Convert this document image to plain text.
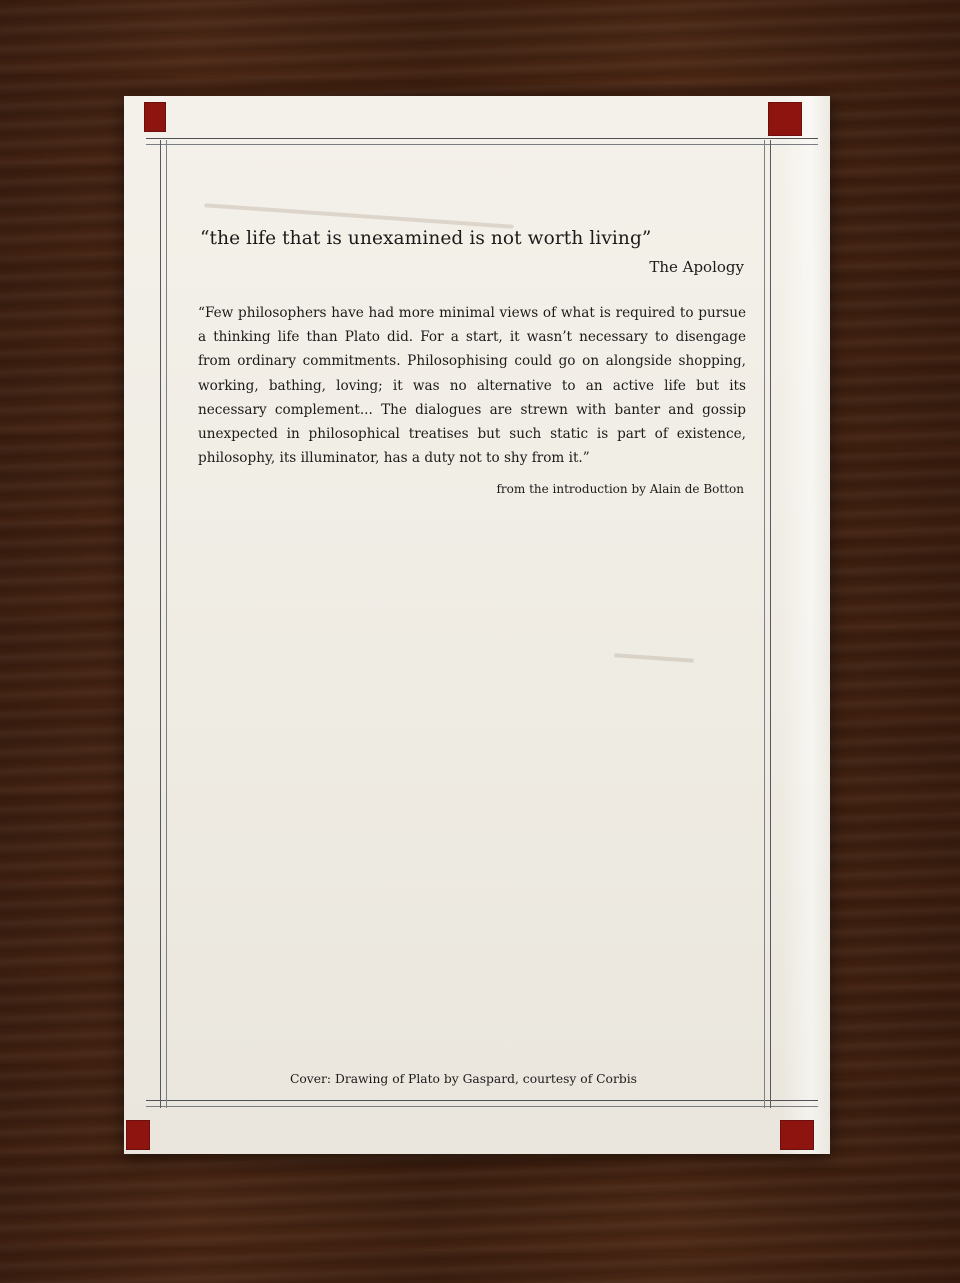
“the life that is unexamined is not worth living”

The Apology

“Few philosophers have had more minimal views of what is required to pursue a thinking life than Plato did. For a start, it wasn’t necessary to disengage from ordinary commitments. Philosophising could go on alongside shopping, working, bathing, loving; it was no alternative to an active life but its necessary complement... The dialogues are strewn with banter and gossip unexpected in philosophical treatises but such static is part of existence, philosophy, its illuminator, has a duty not to shy from it.”

from the introduction by Alain de Botton

Cover: Drawing of Plato by Gaspard, courtesy of Corbis
